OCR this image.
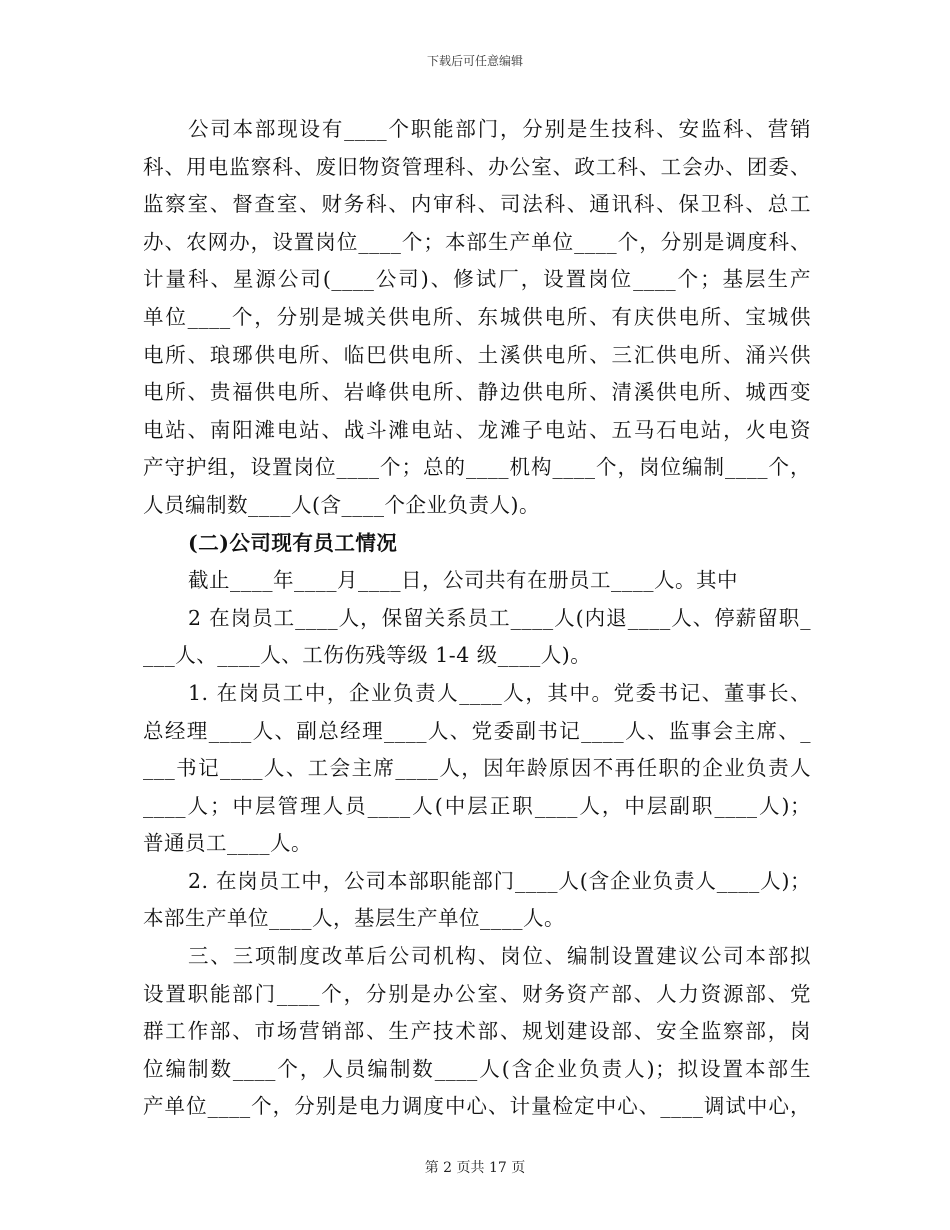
下载后可任意编辑

公司本部现设有____个职能部门，分别是生技科、安监科、营销

科、用电监察科、废旧物资管理科、办公室、政工科、工会办、团委、

监察室、督查室、财务科、内审科、司法科、通讯科、保卫科、总工

办、农网办，设置岗位____个；本部生产单位____个，分别是调度科、

计量科、星源公司(____公司)、修试厂，设置岗位____个；基层生产

单位____个，分别是城关供电所、东城供电所、有庆供电所、宝城供

电所、琅琊供电所、临巴供电所、土溪供电所、三汇供电所、涌兴供

电所、贵福供电所、岩峰供电所、静边供电所、清溪供电所、城西变

电站、南阳滩电站、战斗滩电站、龙滩子电站、五马石电站，火电资

产守护组，设置岗位____个；总的____机构____个，岗位编制____个，

人员编制数____人(含____个企业负责人)。

(二)公司现有员工情况

截止____年____月____日，公司共有在册员工____人。其中

2 在岗员工____人，保留关系员工____人(内退____人、停薪留职_

___人、____人、工伤伤残等级 1-4 级____人)。

1. 在岗员工中，企业负责人____人，其中。党委书记、董事长、

总经理____人、副总经理____人、党委副书记____人、监事会主席、_

___书记____人、工会主席____人，因年龄原因不再任职的企业负责人

____人；中层管理人员____人(中层正职____人，中层副职____人)；

普通员工____人。

2. 在岗员工中，公司本部职能部门____人(含企业负责人____人)；

本部生产单位____人，基层生产单位____人。

三、三项制度改革后公司机构、岗位、编制设置建议公司本部拟

设置职能部门____个，分别是办公室、财务资产部、人力资源部、党

群工作部、市场营销部、生产技术部、规划建设部、安全监察部，岗

位编制数____个，人员编制数____人(含企业负责人)；拟设置本部生

产单位____个，分别是电力调度中心、计量检定中心、____调试中心，

第 2 页共 17 页
